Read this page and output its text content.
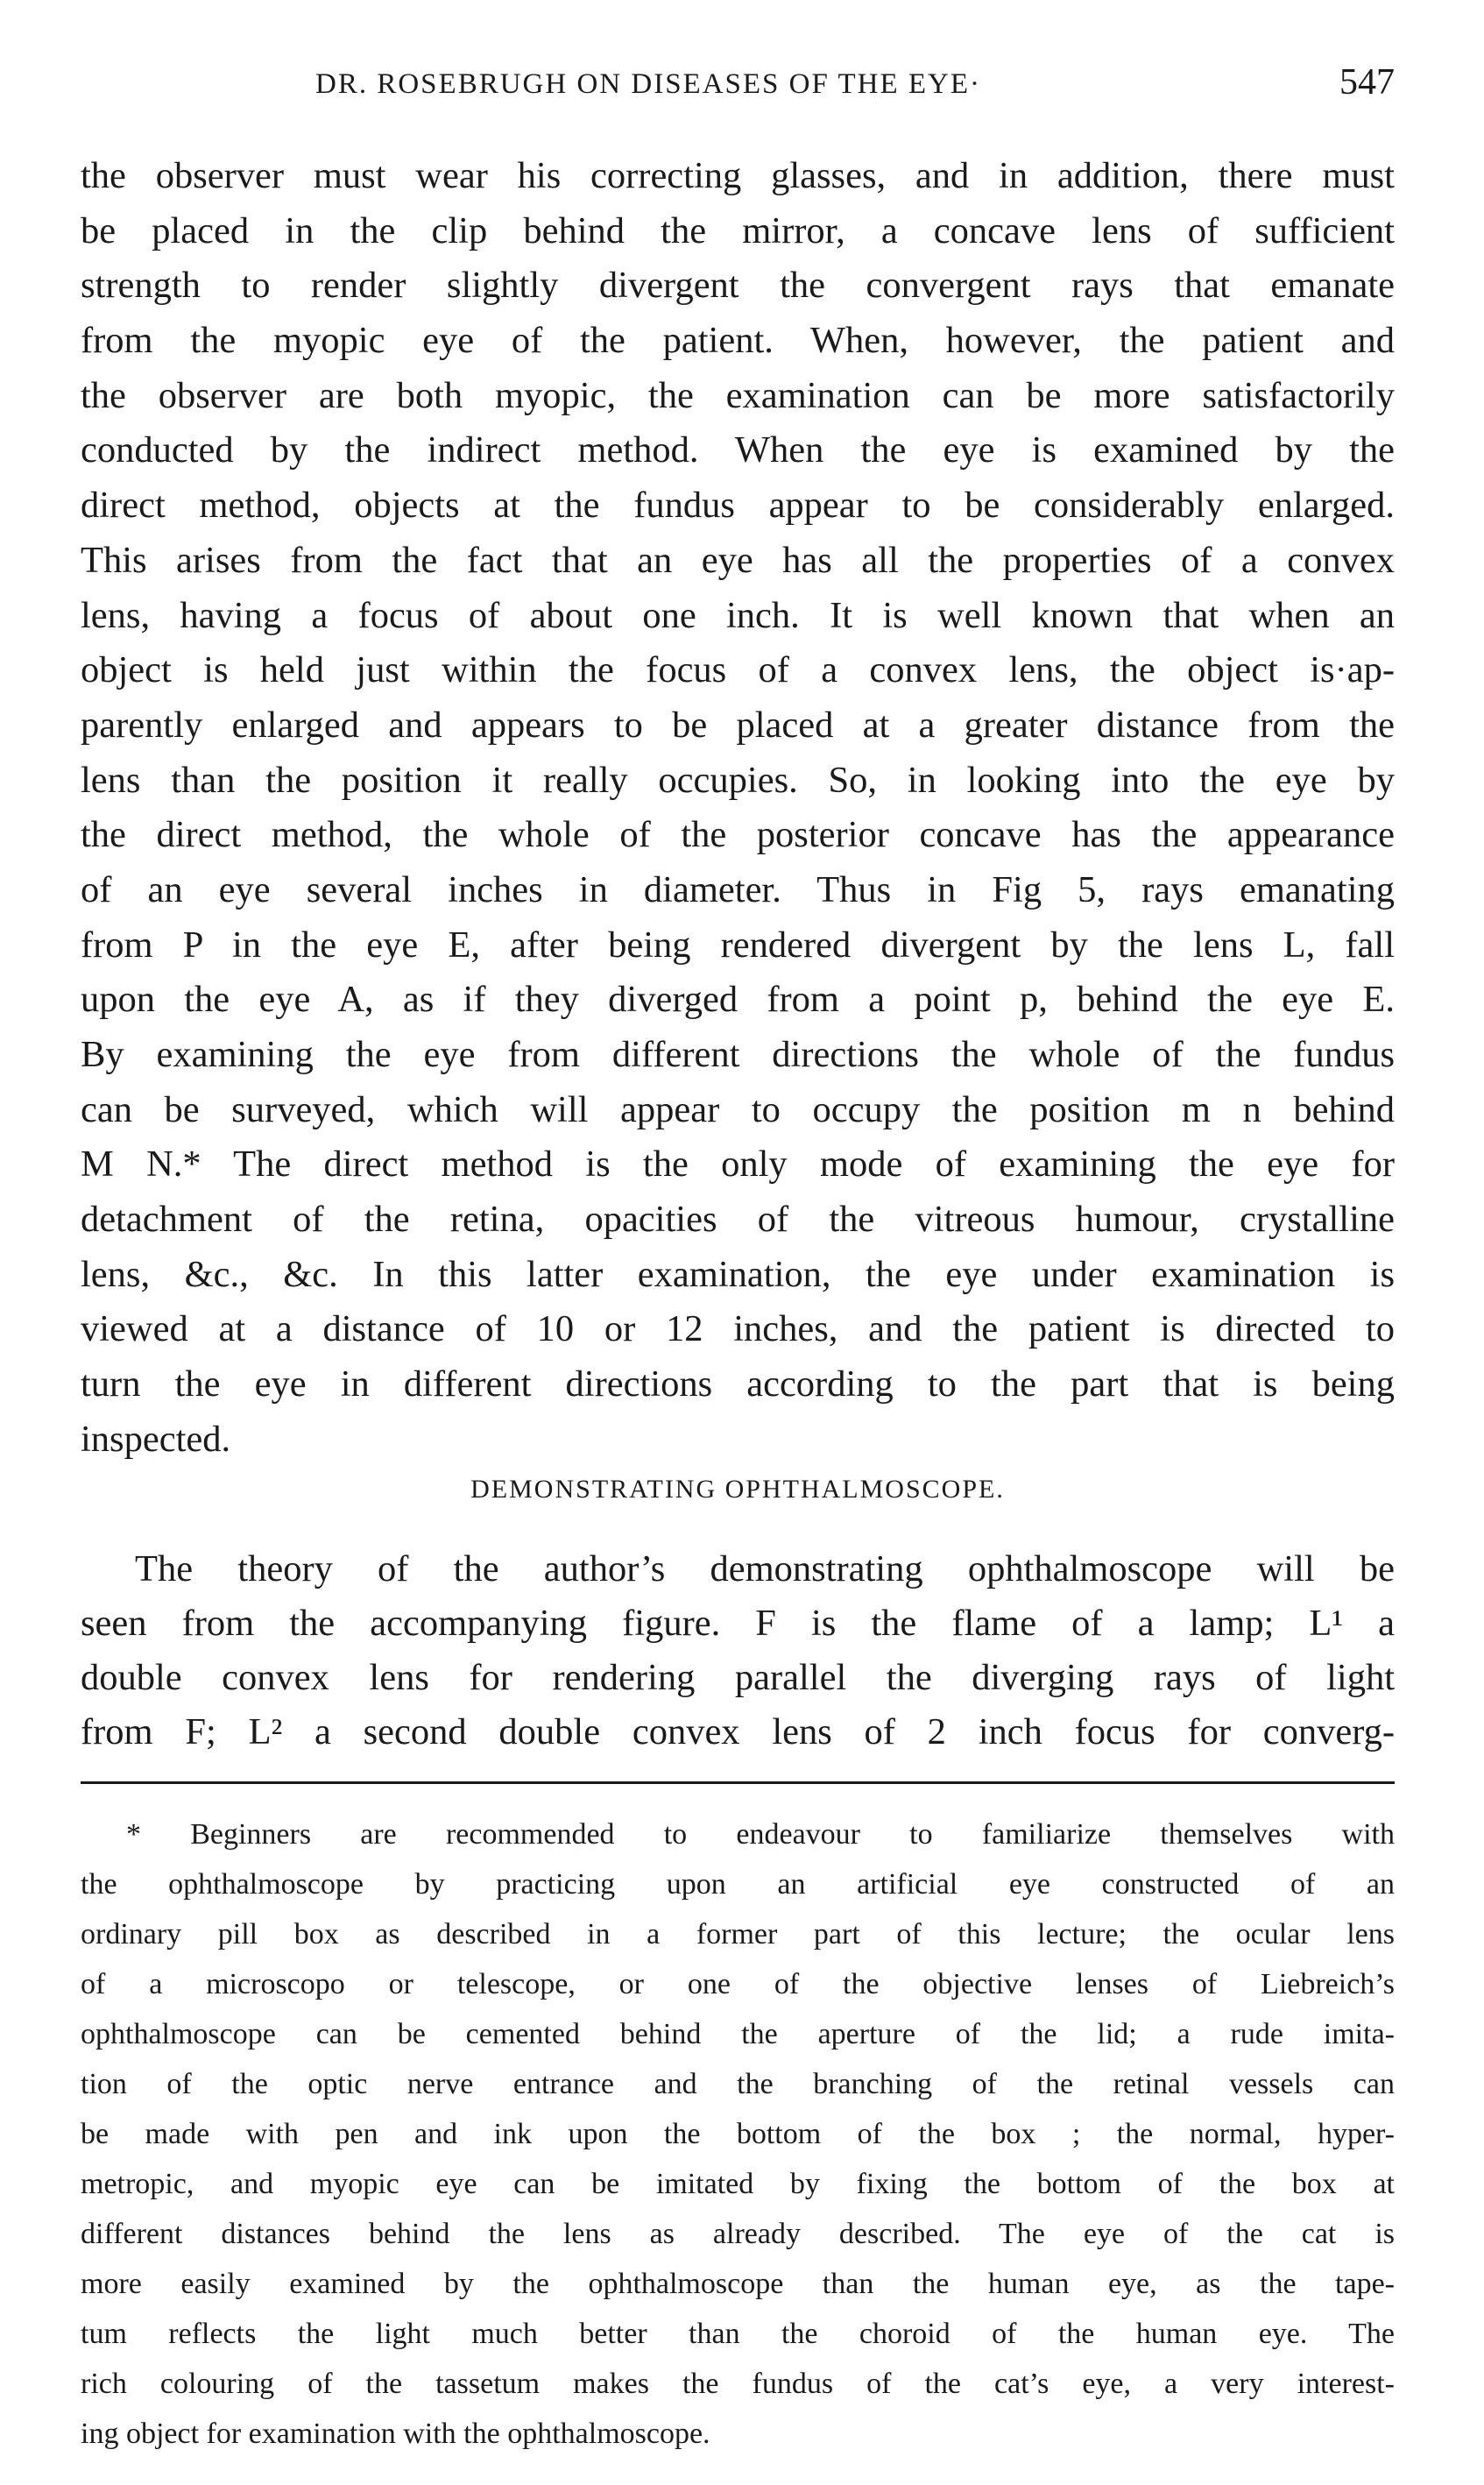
DR. ROSEBRUGH ON DISEASES OF THE EYE·	547
the observer must wear his correcting glasses, and in addition, there must
be placed in the clip behind the mirror, a concave lens of sufficient
strength to render slightly divergent the convergent rays that emanate
from the myopic eye of the patient. When, however, the patient and
the observer are both myopic, the examination can be more satisfactorily
conducted by the indirect method. When the eye is examined by the
direct method, objects at the fundus appear to be considerably enlarged.
This arises from the fact that an eye has all the properties of a convex
lens, having a focus of about one inch. It is well known that when an
object is held just within the focus of a convex lens, the object is·ap-
parently enlarged and appears to be placed at a greater distance from the
lens than the position it really occupies. So, in looking into the eye by
the direct method, the whole of the posterior concave has the appearance
of an eye several inches in diameter. Thus in Fig 5, rays emanating
from P in the eye E, after being rendered divergent by the lens L, fall
upon the eye A, as if they diverged from a point p, behind the eye E.
By examining the eye from different directions the whole of the fundus
can be surveyed, which will appear to occupy the position m n behind
M N.* The direct method is the only mode of examining the eye for
detachment of the retina, opacities of the vitreous humour, crystalline
lens, &c., &c. In this latter examination, the eye under examination is
viewed at a distance of 10 or 12 inches, and the patient is directed to
turn the eye in different directions according to the part that is being
inspected.
DEMONSTRATING OPHTHALMOSCOPE.
The theory of the author’s demonstrating ophthalmoscope will be
seen from the accompanying figure. F is the flame of a lamp; L¹ a
double convex lens for rendering parallel the diverging rays of light
from F; L² a second double convex lens of 2 inch focus for converg-
* Beginners are recommended to endeavour to familiarize themselves with
the ophthalmoscope by practicing upon an artificial eye constructed of an
ordinary pill box as described in a former part of this lecture; the ocular lens
of a microscopo or telescope, or one of the objective lenses of Liebreich’s
ophthalmoscope can be cemented behind the aperture of the lid; a rude imita-
tion of the optic nerve entrance and the branching of the retinal vessels can
be made with pen and ink upon the bottom of the box ; the normal, hyper-
metropic, and myopic eye can be imitated by fixing the bottom of the box at
different distances behind the lens as already described. The eye of the cat is
more easily examined by the ophthalmoscope than the human eye, as the tape-
tum reflects the light much better than the choroid of the human eye. The
rich colouring of the tassetum makes the fundus of the cat’s eye, a very interest-
ing object for examination with the ophthalmoscope.
